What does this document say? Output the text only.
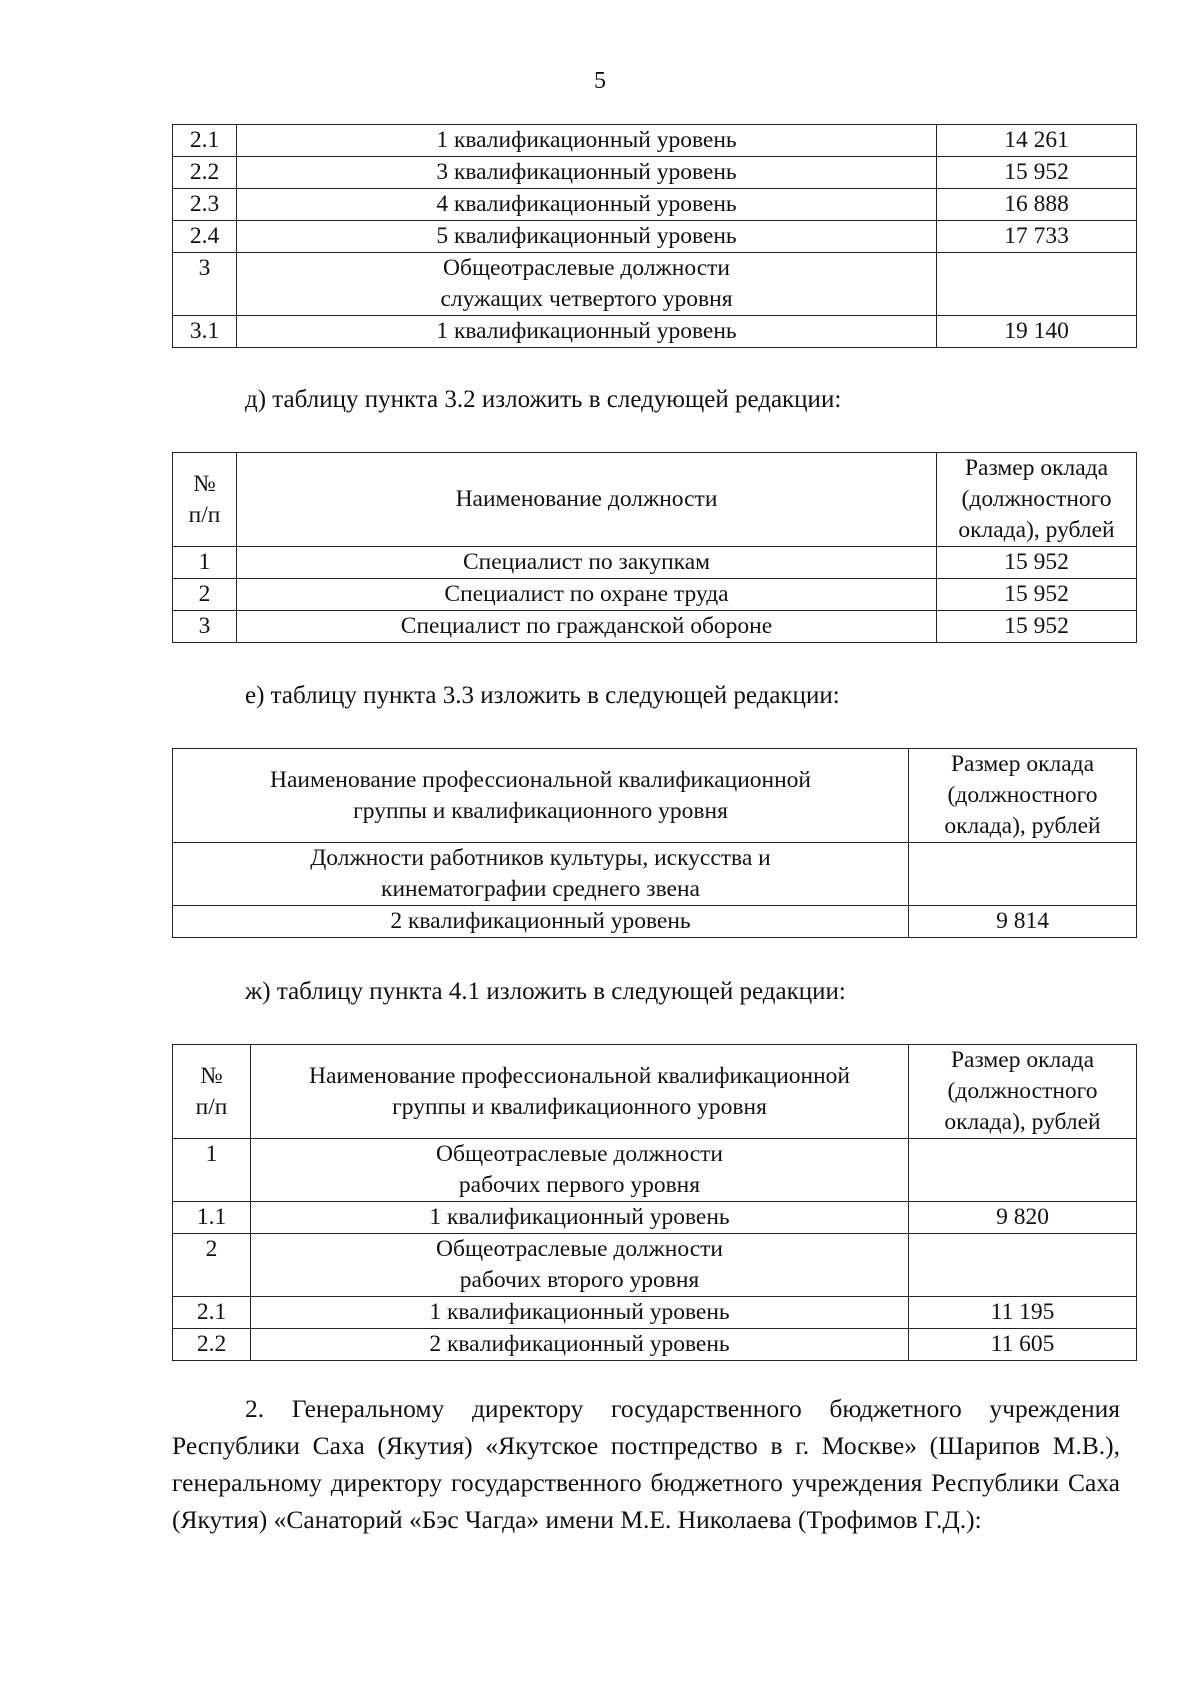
5
2.1	1 квалификационный уровень	14 261
2.2	3 квалификационный уровень	15 952
2.3	4 квалификационный уровень	16 888
2.4	5 квалификационный уровень	17 733
3	Общеотраслевые должности
служащих четвертого уровня	
3.1	1 квалификационный уровень	19 140
д) таблицу пункта 3.2 изложить в следующей редакции:
№
п/п	Наименование должности	Размер оклада
(должностного
оклада), рублей
1	Специалист по закупкам	15 952
2	Специалист по охране труда	15 952
3	Специалист по гражданской обороне	15 952
е) таблицу пункта 3.3 изложить в следующей редакции:
Наименование профессиональной квалификационной
группы и квалификационного уровня	Размер оклада
(должностного
оклада), рублей
Должности работников культуры, искусства и
кинематографии среднего звена	
2 квалификационный уровень	9 814
ж) таблицу пункта 4.1 изложить в следующей редакции:
№
п/п	Наименование профессиональной квалификационной
группы и квалификационного уровня	Размер оклада
(должностного
оклада), рублей
1	Общеотраслевые должности
рабочих первого уровня	
1.1	1 квалификационный уровень	9 820
2	Общеотраслевые должности
рабочих второго уровня	
2.1	1 квалификационный уровень	11 195
2.2	2 квалификационный уровень	11 605
2. Генеральному директору государственного бюджетного учреждения Республики Саха (Якутия) «Якутское постпредство в г. Москве» (Шарипов М.В.), генеральному директору государственного бюджетного учреждения Республики Саха (Якутия) «Санаторий «Бэс Чагда» имени М.Е. Николаева (Трофимов Г.Д.):
